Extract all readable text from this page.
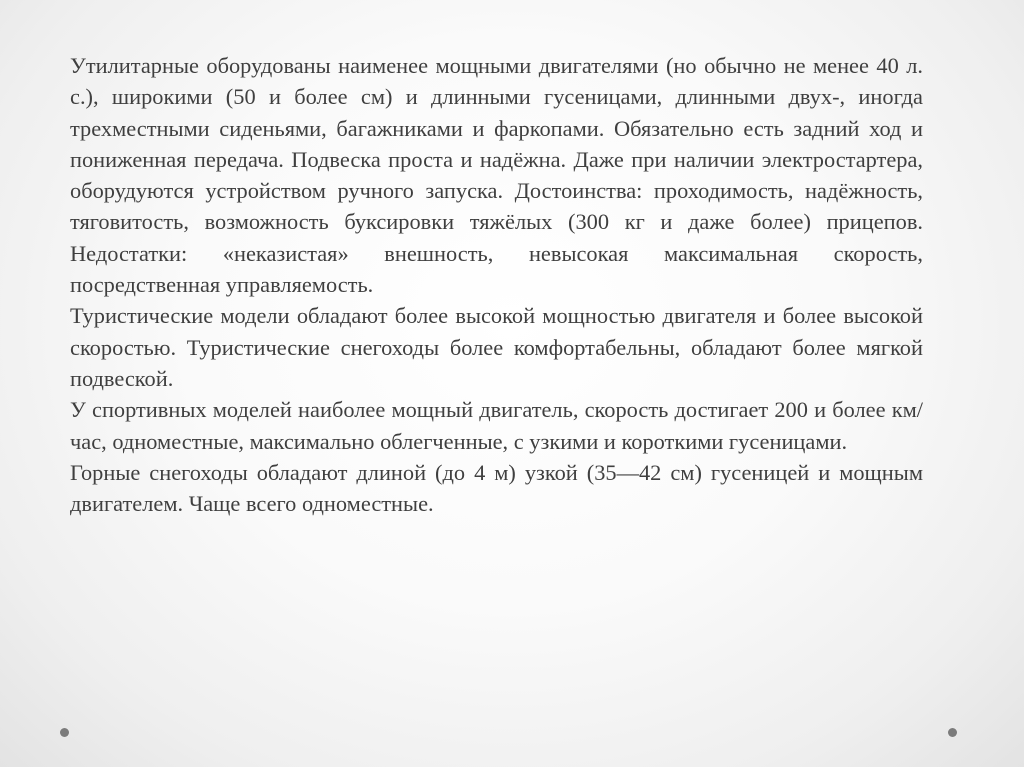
Утилитарные оборудованы наименее мощными двигателями (но обычно не менее 40 л. с.), широкими (50 и более см) и длинными гусеницами, длинными двух-, иногда трехместными сиденьями, багажниками и фаркопами. Обязательно есть задний ход и пониженная передача. Подвеска проста и надёжна. Даже при наличии электростартера, оборудуются устройством ручного запуска. Достоинства: проходимость, надёжность, тяговитость, возможность буксировки тяжёлых (300 кг и даже более) прицепов. Недостатки: «неказистая» внешность, невысокая максимальная скорость, посредственная управляемость.

Туристические модели обладают более высокой мощностью двигателя и более высокой скоростью. Туристические снегоходы более комфортабельны, обладают более мягкой подвеской.

У спортивных моделей наиболее мощный двигатель, скорость достигает 200 и более км/час, одноместные, максимально облегченные, с узкими и короткими гусеницами.

Горные снегоходы обладают длиной (до 4 м) узкой (35—42 см) гусеницей и мощным двигателем. Чаще всего одноместные.
